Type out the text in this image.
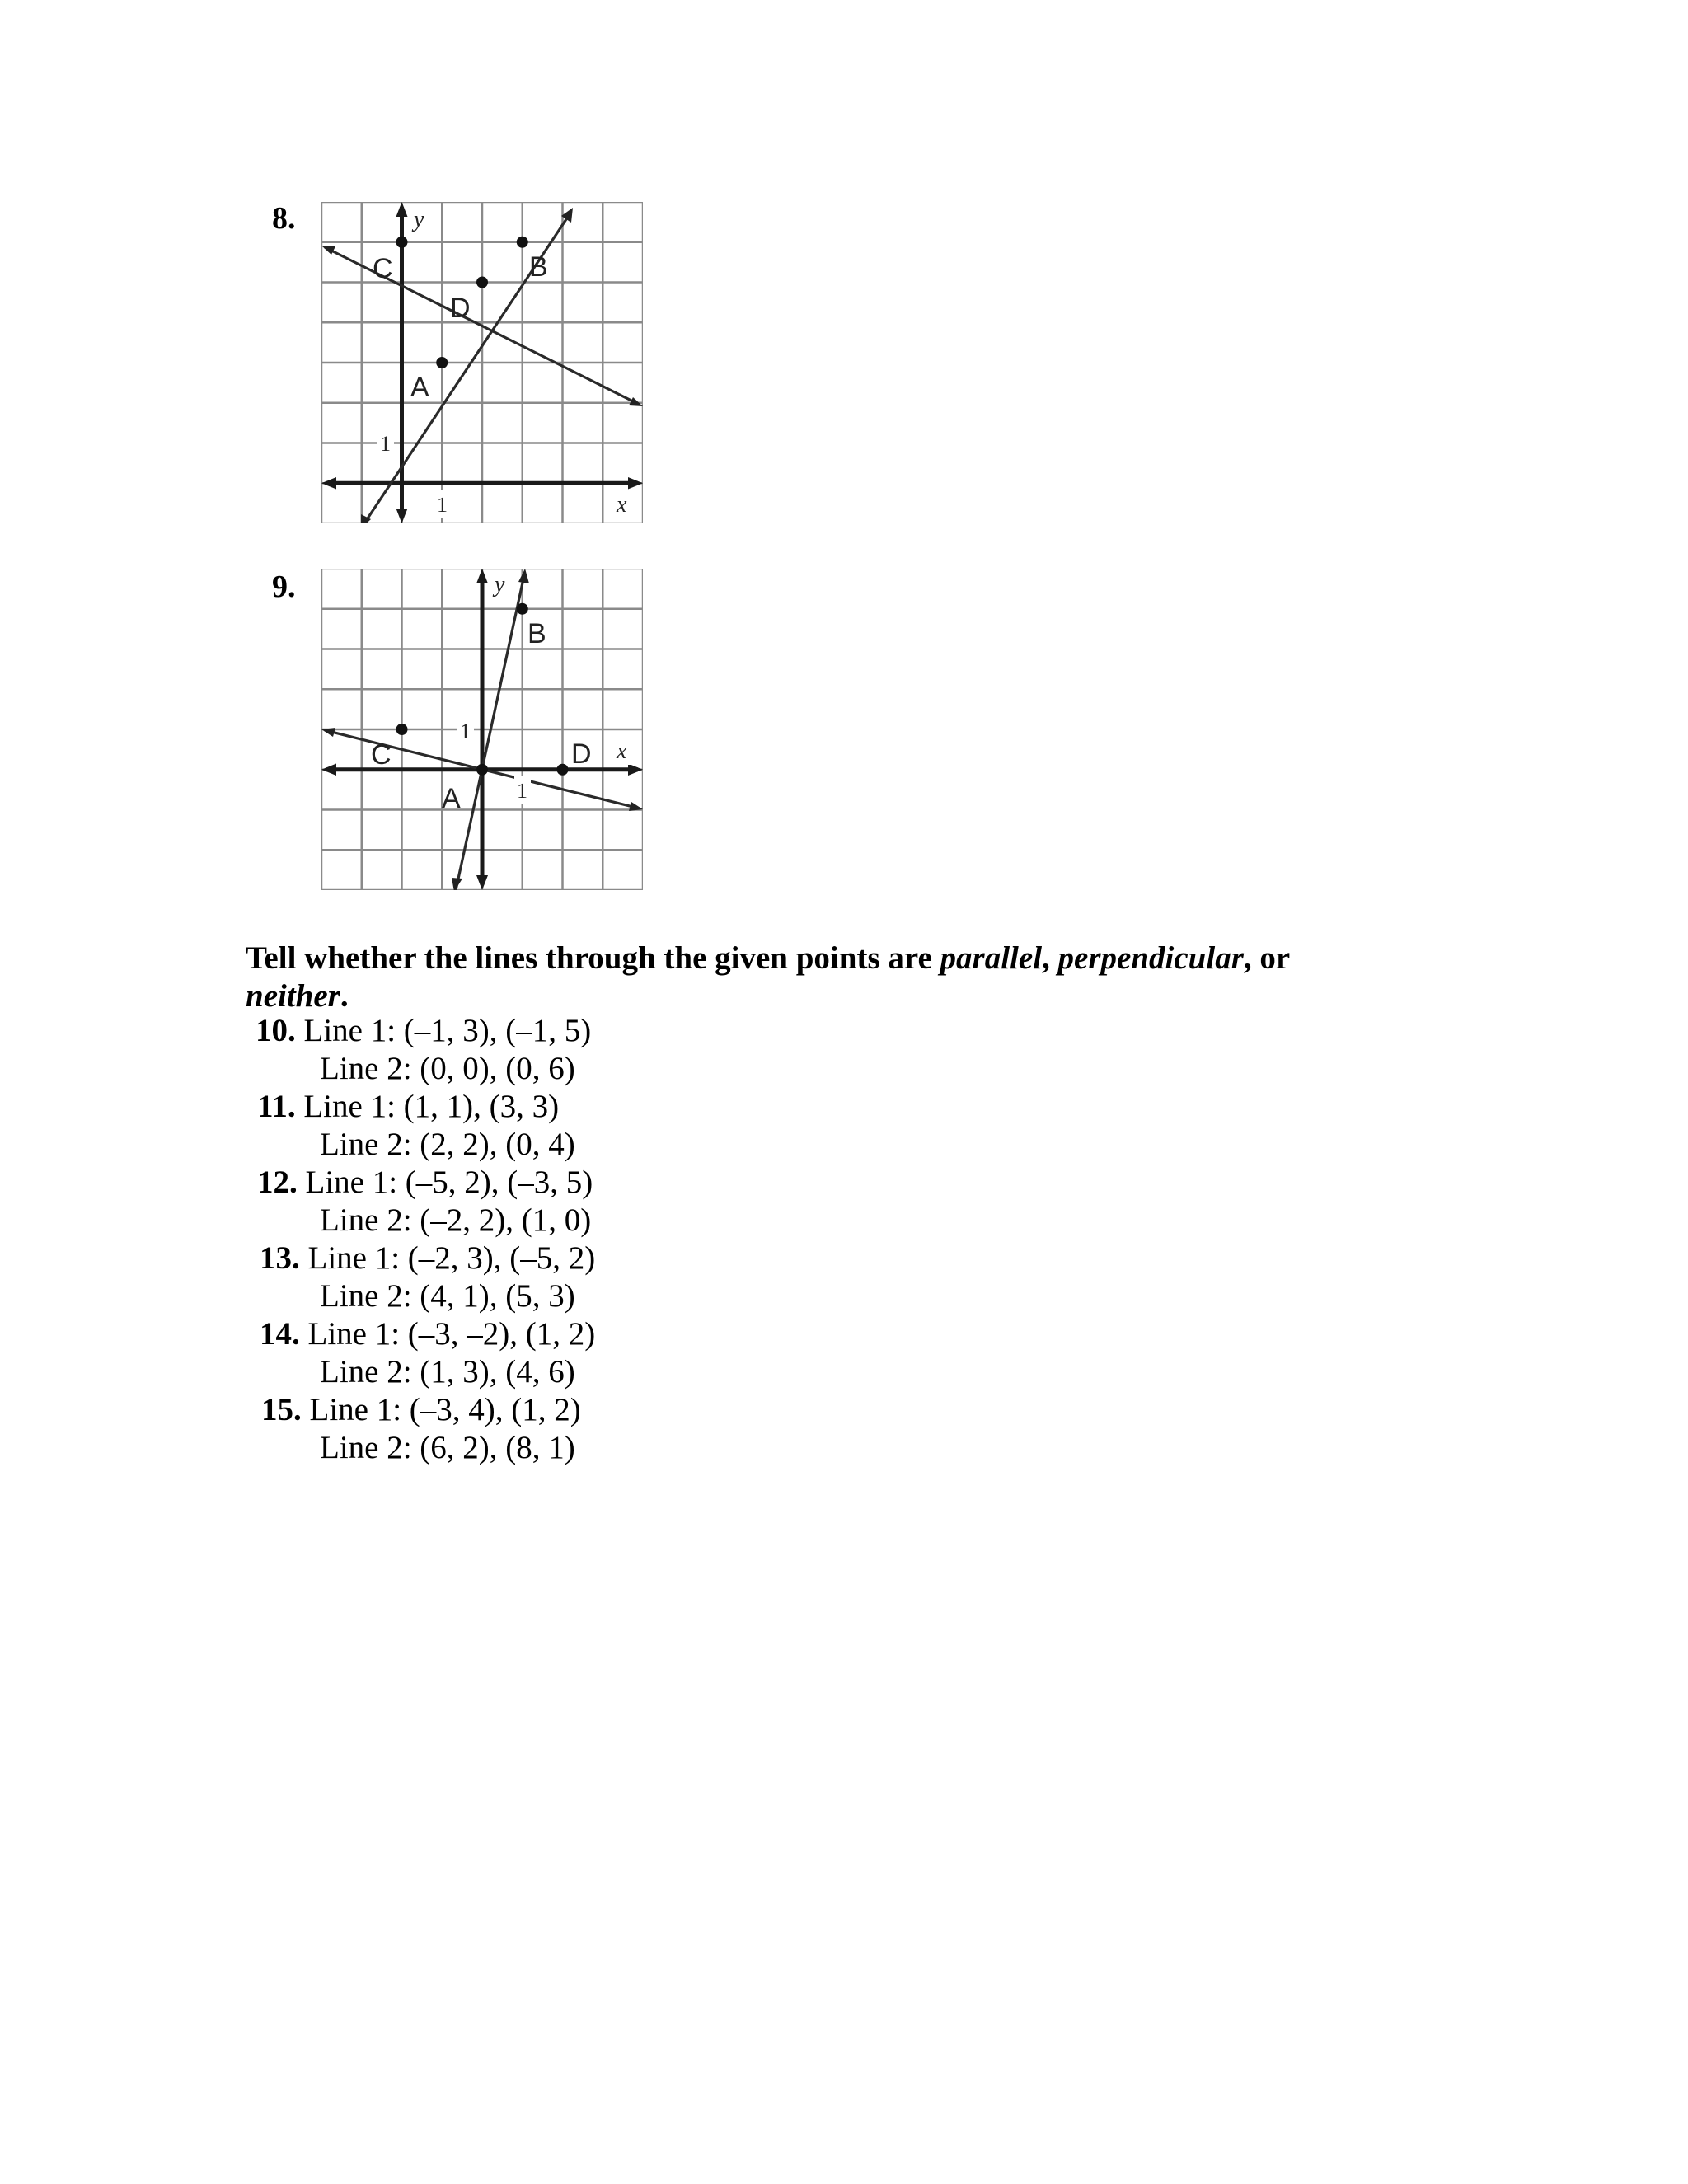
8.
A
B
C
D
x
y
1
1
9.
A
B
C	D x
y
1
1
Tell whether the lines through the given points are parallel, perpendicular, or
neither.
10. Line 1: (–1, 3), (–1, 5)
Line 2: (0, 0), (0, 6)
11. Line 1: (1, 1), (3, 3)
Line 2: (2, 2), (0, 4)
12. Line 1: (–5, 2), (–3, 5)
Line 2: (–2, 2), (1, 0)
13. Line 1: (–2, 3), (–5, 2)
Line 2: (4, 1), (5, 3)
14. Line 1: (–3, –2), (1, 2)
Line 2: (1, 3), (4, 6)
15. Line 1: (–3, 4), (1, 2)
Line 2: (6, 2), (8, 1)
